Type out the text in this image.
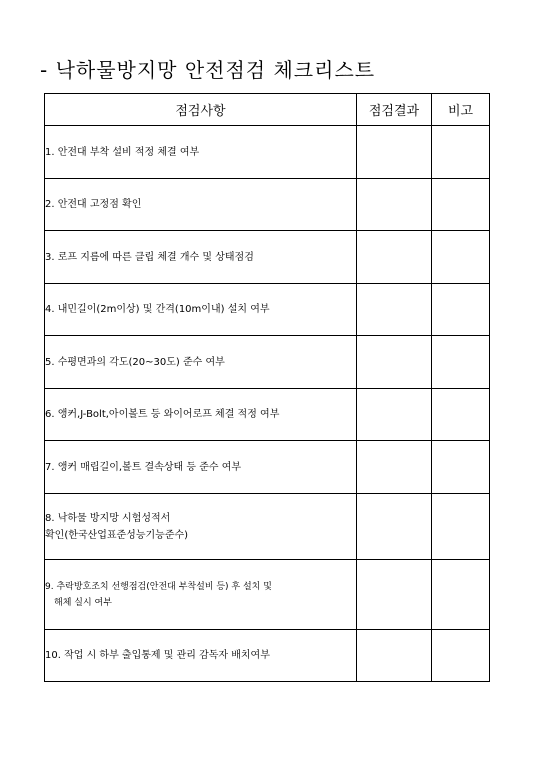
- 낙하물방지망 안전점검 체크리스트
점검사항	점검결과	비고

1. 안전대 부착 설비 적정 체결 여부		

2. 안전대 고정점 확인		

3. 로프 지름에 따른 클립 체결 개수 및 상태점검		

4. 내민길이(2m이상) 및 간격(10m이내) 설치 여부		

5. 수평면과의 각도(20~30도) 준수 여부		

6. 앵커,J-Bolt,아이볼트 등 와이어로프 체결 적정 여부		

7. 앵커 매립길이,볼트 결속상태 등 준수 여부		

8. 낙하물 방지망 시험성적서
확인(한국산업표준성능기능준수)		

9. 추락방호조치 선행점검(안전대 부착설비 등) 후 설치 및
해체 실시 여부		

10. 작업 시 하부 출입통제 및 관리 감독자 배치여부		
